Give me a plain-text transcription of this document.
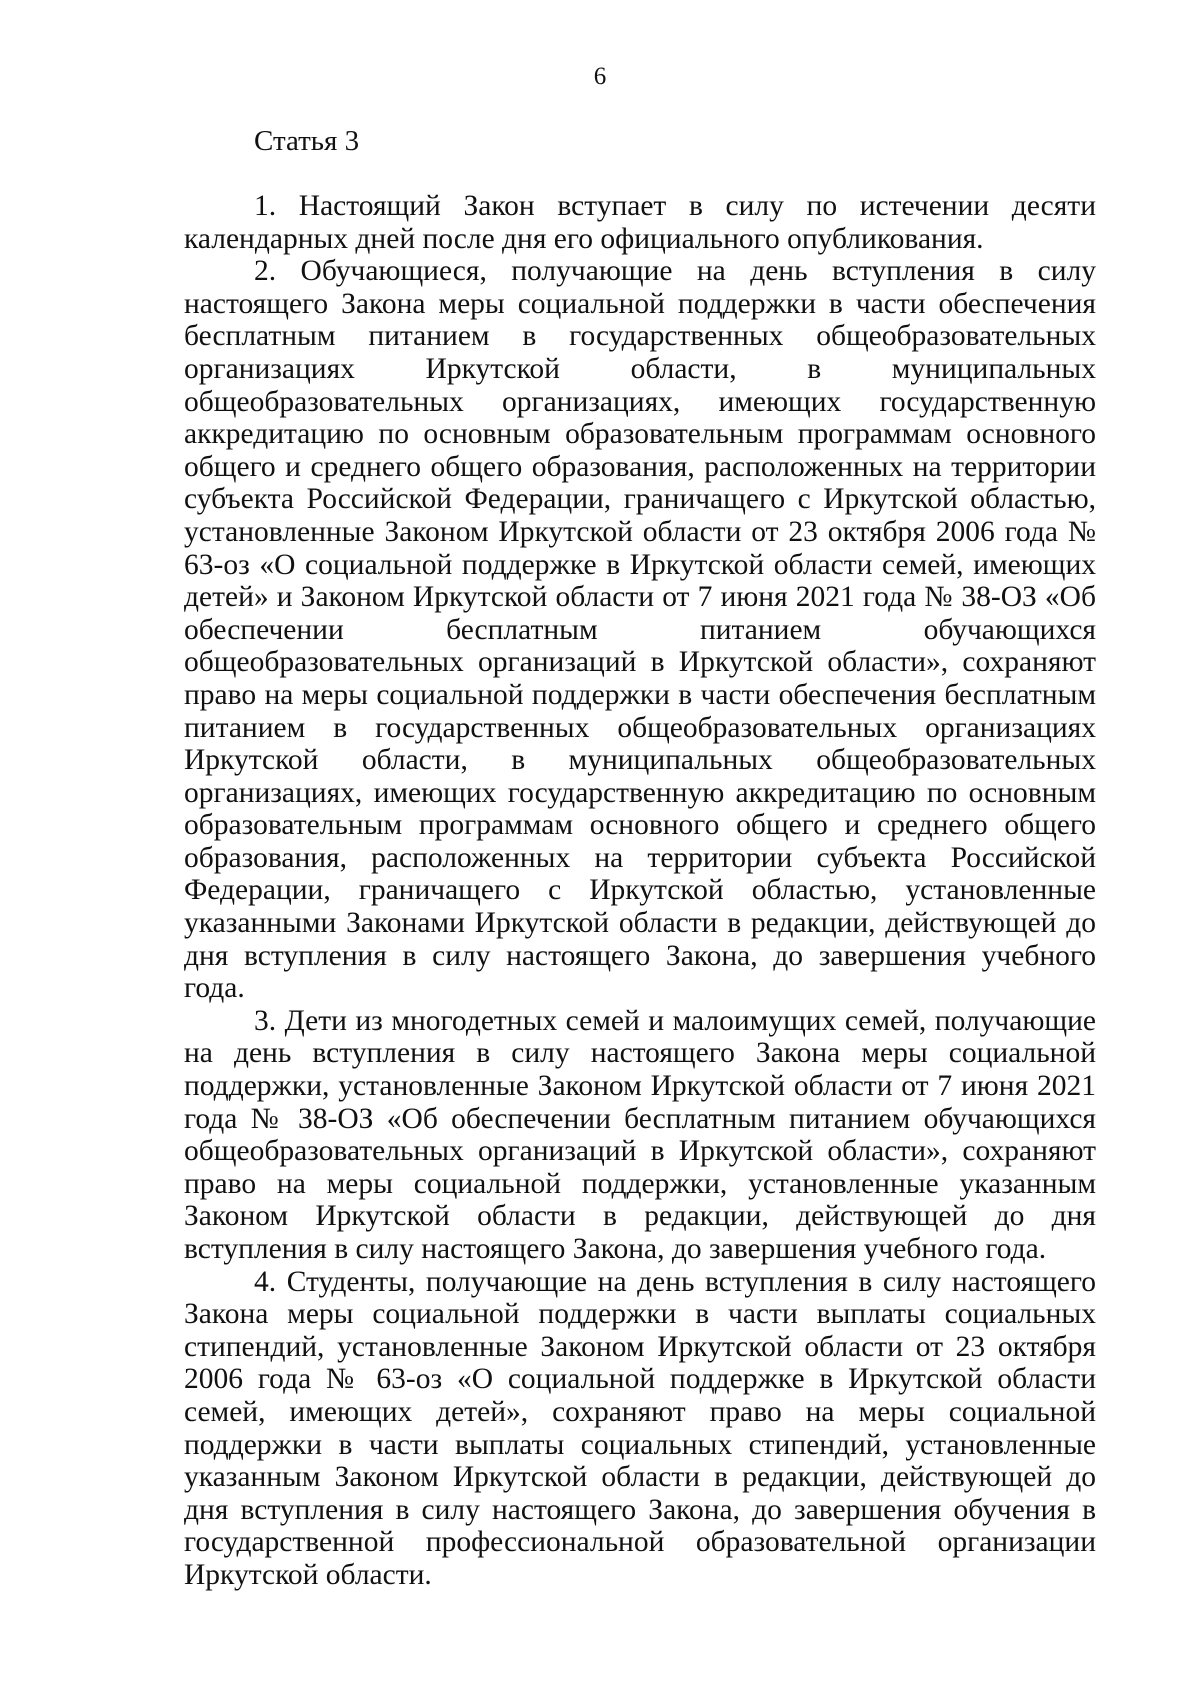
6
Статья 3

1. Настоящий Закон вступает в силу по истечении десяти календарных дней после дня его официального опубликования.

2. Обучающиеся, получающие на день вступления в силу настоящего Закона меры социальной поддержки в части обеспечения бесплатным питанием в государственных общеобразовательных организациях Иркутской области, в муниципальных общеобразовательных организациях, имеющих государственную аккредитацию по основным образовательным программам основного общего и среднего общего образования, расположенных на территории субъекта Российской Федерации, граничащего с Иркутской областью, установленные Законом Иркутской области от 23 октября 2006 года № 63-оз «О социальной поддержке в Иркутской области семей, имеющих детей» и Законом Иркутской области от 7 июня 2021 года № 38-ОЗ «Об обеспечении бесплатным питанием обучающихся общеобразовательных организаций в Иркутской области», сохраняют право на меры социальной поддержки в части обеспечения бесплатным питанием в государственных общеобразовательных организациях Иркутской области, в муниципальных общеобразовательных организациях, имеющих государственную аккредитацию по основным образовательным программам основного общего и среднего общего образования, расположенных на территории субъекта Российской Федерации, граничащего с Иркутской областью, установленные указанными Законами Иркутской области в редакции, действующей до дня вступления в силу настоящего Закона, до завершения учебного года.

3. Дети из многодетных семей и малоимущих семей, получающие на день вступления в силу настоящего Закона меры социальной поддержки, установленные Законом Иркутской области от 7 июня 2021 года № 38-ОЗ «Об обеспечении бесплатным питанием обучающихся общеобразовательных организаций в Иркутской области», сохраняют право на меры социальной поддержки, установленные указанным Законом Иркутской области в редакции, действующей до дня вступления в силу настоящего Закона, до завершения учебного года.

4. Студенты, получающие на день вступления в силу настоящего Закона меры социальной поддержки в части выплаты социальных стипендий, установленные Законом Иркутской области от 23 октября 2006 года № 63-оз «О социальной поддержке в Иркутской области семей, имеющих детей», сохраняют право на меры социальной поддержки в части выплаты социальных стипендий, установленные указанным Законом Иркутской области в редакции, действующей до дня вступления в силу настоящего Закона, до завершения обучения в государственной профессиональной образовательной организации Иркутской области.
